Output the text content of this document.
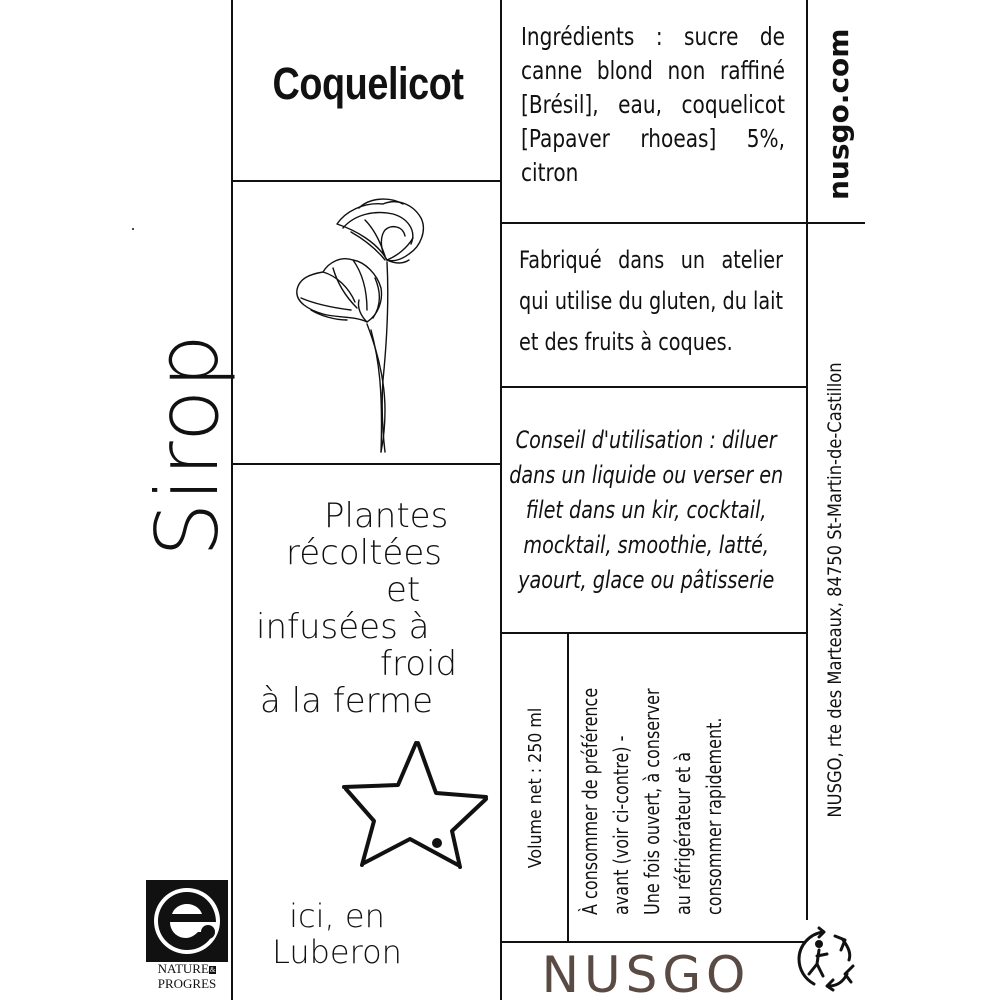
Sirop
Coquelicot
Ingrédients : sucre de canne blond non raffiné [Brésil], eau, coquelicot [Papaver rhoeas] 5%, citron
Fabriqué dans un atelier qui utilise du gluten, du lait et des fruits à coques.
Conseil d'utilisation : diluer dans un liquide ou verser en filet dans un kir, cocktail, mocktail, smoothie, latté, yaourt, glace ou pâtisserie
Plantes
récoltées
et
infusées à
froid
à la ferme
ici, en
Luberon
nusgo.com
NUSGO, rte des Marteaux, 84750 St-Martin-de-Castillon
Volume net : 250 ml À consommer de préférence avant (voir ci-contre) - Une fois ouvert, à conserver au réfrigérateur et à consommer rapidement.
NUSGO
NATURE&
PROGRES
